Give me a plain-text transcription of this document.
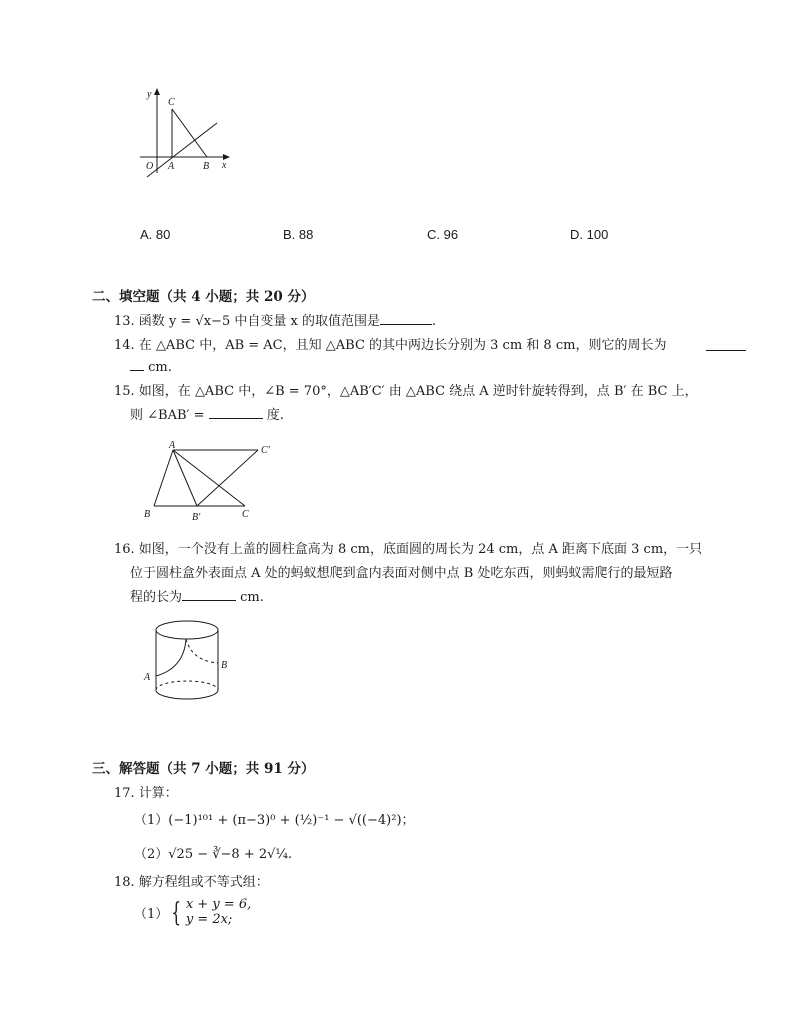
y
C
O A	B x
A. 80	B. 88	C. 96	D. 100
二、填空题（共 4 小题；共 20 分）
13. 函数 y = √x−5 中自变量 x 的取值范围是	.
14. 在 △ABC 中，AB = AC，且知 △ABC 的其中两边长分别为 3 cm 和 8 cm，则它的周长为
cm.
15. 如图，在 △ABC 中，∠B = 70°，△AB′C′ 由 △ABC 绕点 A 逆时针旋转得到，点 B′ 在 BC 上，
则 ∠BAB′ =	度.
A	C′
B	B′	C
16. 如图，一个没有上盖的圆柱盒高为 8 cm，底面圆的周长为 24 cm，点 A 距离下底面 3 cm，一只
位于圆柱盒外表面点 A 处的蚂蚁想爬到盒内表面对侧中点 B 处吃东西，则蚂蚁需爬行的最短路
程的长为	cm.
A
B
三、解答题（共 7 小题；共 91 分）
17. 计算：
（1）(−1)¹⁰¹ + (π−3)⁰ + (½)⁻¹ − √((−4)²)；
（2）√25 − ∛−8 + 2√¼.
18. 解方程组或不等式组：
（1） { x + y = 6,
y = 2x;
